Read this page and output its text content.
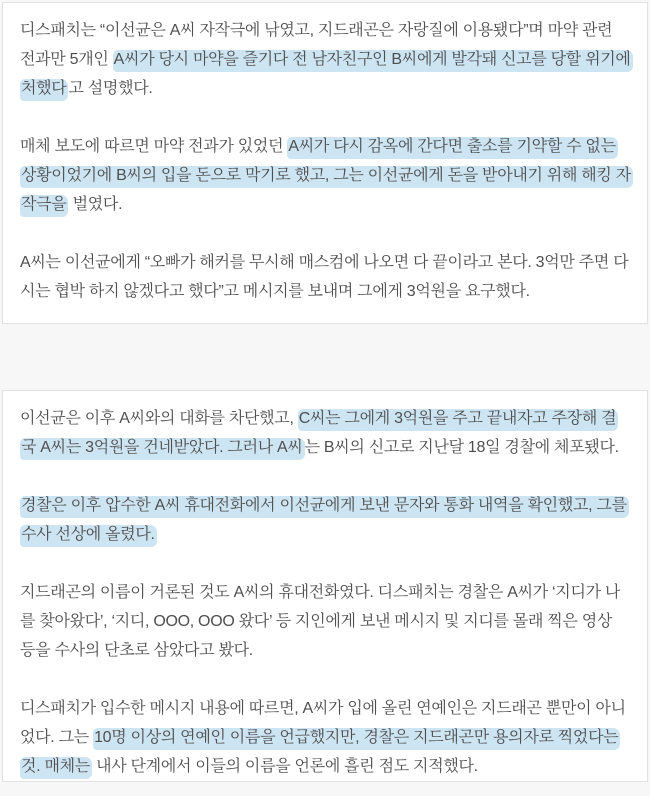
디스패치는 “이선균은 A씨 자작극에 낚였고, 지드래곤은 자랑질에 이용됐다”며 마약 관련 전과만 5개인 A씨가 당시 마약을 즐기다 전 남자친구인 B씨에게 발각돼 신고를 당할 위기에 처했다 고 설명했다.

매체 보도에 따르면 마약 전과가 있었던 A씨가 다시 감옥에 간다면 출소를 기약할 수 없는 상황이었기에 B씨의 입을 돈으로 막기로 했고, 그는 이선균에게 돈을 받아내기 위해 해킹 자작극을 벌였다.

A씨는 이선균에게 “오빠가 해커를 무시해 매스컴에 나오면 다 끝이라고 본다. 3억만 주면 다시는 협박 하지 않겠다고 했다”고 메시지를 보내며 그에게 3억원을 요구했다.

이선균은 이후 A씨와의 대화를 차단했고, C씨는 그에게 3억원을 주고 끝내자고 주장해 결국 A씨는 3억원을 건네받았다. 그러나 A씨 는 B씨의 신고로 지난달 18일 경찰에 체포됐다.

경찰은 이후 압수한 A씨 휴대전화에서 이선균에게 보낸 문자와 통화 내역을 확인했고, 그를 수사 선상에 올렸다.

지드래곤의 이름이 거론된 것도 A씨의 휴대전화였다. 디스패치는 경찰은 A씨가 ‘지디가 나를 찾아왔다’, ‘지디, OOO, OOO 왔다’ 등 지인에게 보낸 메시지 및 지디를 몰래 찍은 영상 등을 수사의 단초로 삼았다고 봤다.

디스패치가 입수한 메시지 내용에 따르면, A씨가 입에 올린 연예인은 지드래곤 뿐만이 아니었다. 그는 10명 이상의 연예인 이름을 언급했지만, 경찰은 지드래곤만 용의자로 찍었다는 것. 매체는 내사 단계에서 이들의 이름을 언론에 흘린 점도 지적했다.
